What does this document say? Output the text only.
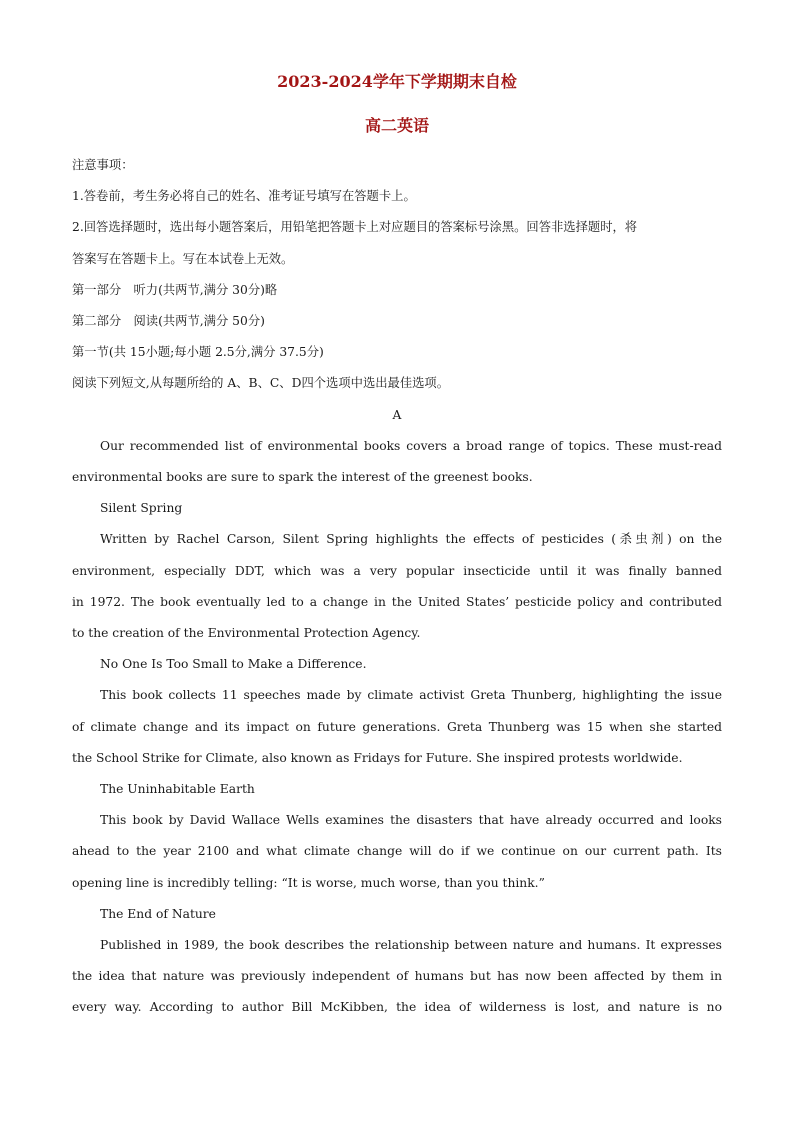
2023-2024学年下学期期末自检
高二英语
注意事项：
1.答卷前，考生务必将自己的姓名、准考证号填写在答题卡上。
2.回答选择题时，选出每小题答案后，用铅笔把答题卡上对应题目的答案标号涂黑。回答非选择题时，将
答案写在答题卡上。写在本试卷上无效。
第一部分　听力(共两节,满分 30分)略
第二部分　阅读(共两节,满分 50分)
第一节(共 15小题;每小题 2.5分,满分 37.5分)
阅读下列短文,从每题所给的 A、B、C、D四个选项中选出最佳选项。
A
Our recommended list of environmental books covers a broad range of topics. These must-read
environmental books are sure to spark the interest of the greenest books.
Silent Spring
Written by Rachel Carson, Silent Spring highlights the effects of pesticides (杀虫剂) on the
environment, especially DDT, which was a very popular insecticide until it was finally banned
in 1972. The book eventually led to a change in the United States’ pesticide policy and contributed
to the creation of the Environmental Protection Agency.
No One Is Too Small to Make a Difference.
This book collects 11 speeches made by climate activist Greta Thunberg, highlighting the issue
of climate change and its impact on future generations. Greta Thunberg was 15 when she started
the School Strike for Climate, also known as Fridays for Future. She inspired protests worldwide.
The Uninhabitable Earth
This book by David Wallace Wells examines the disasters that have already occurred and looks
ahead to the year 2100 and what climate change will do if we continue on our current path. Its
opening line is incredibly telling: “It is worse, much worse, than you think.”
The End of Nature
Published in 1989, the book describes the relationship between nature and humans. It expresses
the idea that nature was previously independent of humans but has now been affected by them in
every way. According to author Bill McKibben, the idea of wilderness is lost, and nature is no
